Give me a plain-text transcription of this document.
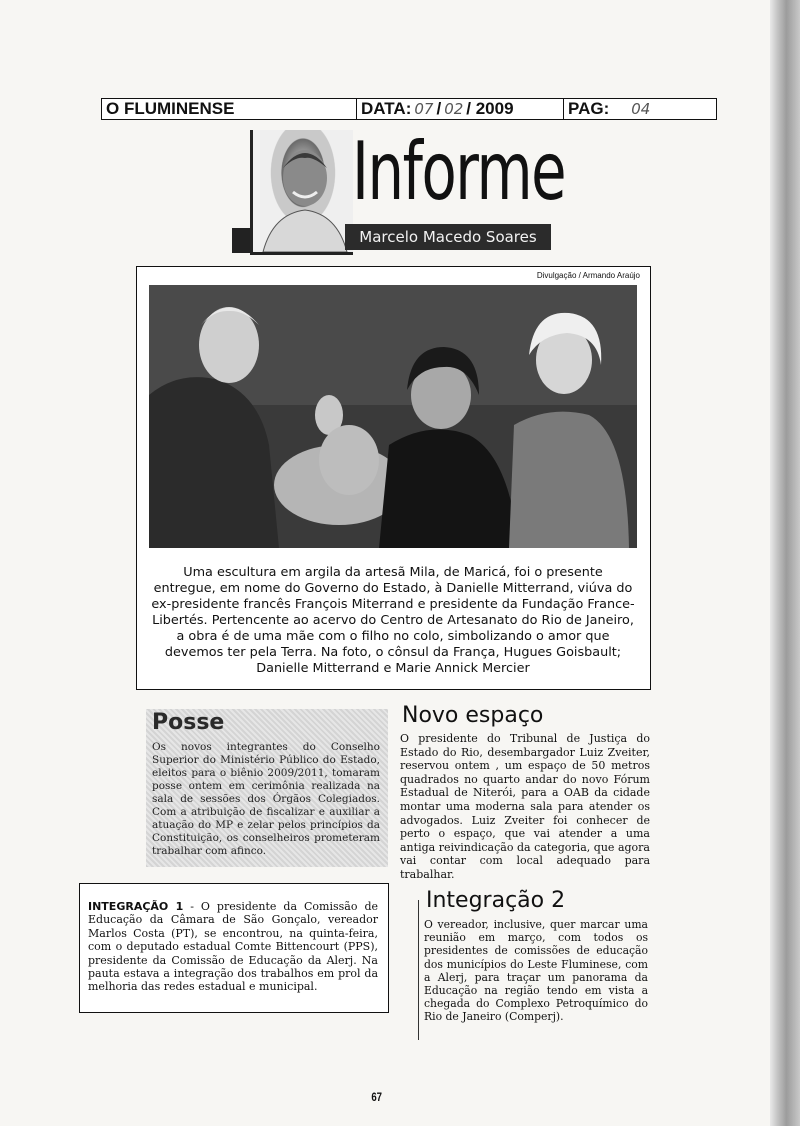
O FLUMINENSE	DATA: 07 / 02 / 2009	PAG: 04
Informe
Marcelo Macedo Soares
Divulgação / Armando Araújo
Uma escultura em argila da artesã Mila, de Maricá, foi o presente entregue, em nome do Governo do Estado, à Danielle Mitterrand, viúva do ex-presidente francês François Miterrand e presidente da Fundação France-Libertés. Pertencente ao acervo do Centro de Artesanato do Rio de Janeiro, a obra é de uma mãe com o filho no colo, simbolizando o amor que devemos ter pela Terra. Na foto, o cônsul da França, Hugues Goisbault; Danielle Mitterrand e Marie Annick Mercier
Posse
Os novos integrantes do Conselho Superior do Ministério Público do Estado, eleitos para o biênio 2009/2011, tomaram posse ontem em cerimônia realizada na sala de sessões dos Órgãos Colegiados. Com a atribuição de fiscalizar e auxiliar a atuação do MP e zelar pelos princípios da Constituição, os conselheiros prometeram trabalhar com afinco.
Novo espaço
O presidente do Tribunal de Justiça do Estado do Rio, desembargador Luiz Zveiter, reservou ontem , um espaço de 50 metros quadrados no quarto andar do novo Fórum Estadual de Niterói, para a OAB da cidade montar uma moderna sala para atender os advogados. Luiz Zveiter foi conhecer de perto o espaço, que vai atender a uma antiga reivindicação da categoria, que agora vai contar com local adequado para trabalhar.
INTEGRAÇÃO 1 - O presidente da Comissão de Educação da Câmara de São Gonçalo, vereador Marlos Costa (PT), se encontrou, na quinta-feira, com o deputado estadual Comte Bittencourt (PPS), presidente da Comissão de Educação da Alerj. Na pauta estava a integração dos trabalhos em prol da melhoria das redes estadual e municipal.
Integração 2
O vereador, inclusive, quer marcar uma reunião em março, com todos os presidentes de comissões de educação dos municípios do Leste Fluminese, com a Alerj, para traçar um panorama da Educação na região tendo em vista a chegada do Complexo Petroquímico do Rio de Janeiro (Comperj).
67
